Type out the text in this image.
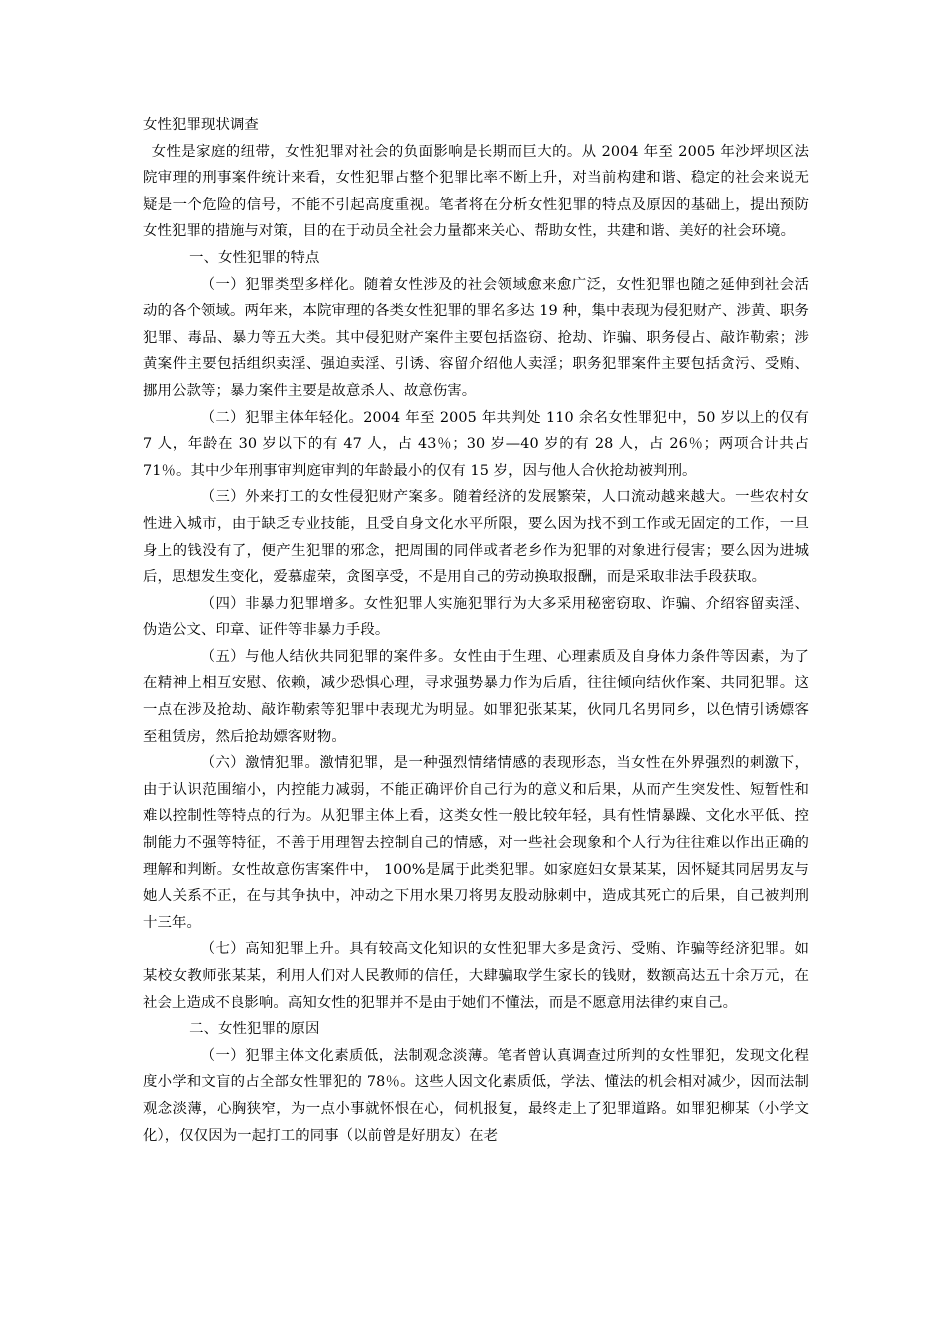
女性犯罪现状调查

女性是家庭的纽带，女性犯罪对社会的负面影响是长期而巨大的。从 2004 年至 2005 年沙坪坝区法院审理的刑事案件统计来看，女性犯罪占整个犯罪比率不断上升，对当前构建和谐、稳定的社会来说无疑是一个危险的信号，不能不引起高度重视。笔者将在分析女性犯罪的特点及原因的基础上，提出预防女性犯罪的措施与对策，目的在于动员全社会力量都来关心、帮助女性，共建和谐、美好的社会环境。

一、女性犯罪的特点

（一）犯罪类型多样化。随着女性涉及的社会领域愈来愈广泛，女性犯罪也随之延伸到社会活动的各个领域。两年来，本院审理的各类女性犯罪的罪名多达 19 种，集中表现为侵犯财产、涉黄、职务犯罪、毒品、暴力等五大类。其中侵犯财产案件主要包括盗窃、抢劫、诈骗、职务侵占、敲诈勒索；涉黄案件主要包括组织卖淫、强迫卖淫、引诱、容留介绍他人卖淫；职务犯罪案件主要包括贪污、受贿、挪用公款等；暴力案件主要是故意杀人、故意伤害。

（二）犯罪主体年轻化。2004 年至 2005 年共判处 110 余名女性罪犯中，50 岁以上的仅有 7 人，年龄在 30 岁以下的有 47 人，占 43％；30 岁—40 岁的有 28 人，占 26％；两项合计共占 71％。其中少年刑事审判庭审判的年龄最小的仅有 15 岁，因与他人合伙抢劫被判刑。

（三）外来打工的女性侵犯财产案多。随着经济的发展繁荣，人口流动越来越大。一些农村女性进入城市，由于缺乏专业技能，且受自身文化水平所限，要么因为找不到工作或无固定的工作，一旦身上的钱没有了，便产生犯罪的邪念，把周围的同伴或者老乡作为犯罪的对象进行侵害；要么因为进城后，思想发生变化，爱慕虚荣，贪图享受，不是用自己的劳动换取报酬，而是采取非法手段获取。

（四）非暴力犯罪增多。女性犯罪人实施犯罪行为大多采用秘密窃取、诈骗、介绍容留卖淫、伪造公文、印章、证件等非暴力手段。

（五）与他人结伙共同犯罪的案件多。女性由于生理、心理素质及自身体力条件等因素，为了在精神上相互安慰、依赖，减少恐惧心理，寻求强势暴力作为后盾，往往倾向结伙作案、共同犯罪。这一点在涉及抢劫、敲诈勒索等犯罪中表现尤为明显。如罪犯张某某，伙同几名男同乡，以色情引诱嫖客至租赁房，然后抢劫嫖客财物。

（六）激情犯罪。激情犯罪，是一种强烈情绪情感的表现形态，当女性在外界强烈的刺激下，由于认识范围缩小，内控能力减弱，不能正确评价自己行为的意义和后果，从而产生突发性、短暂性和难以控制性等特点的行为。从犯罪主体上看，这类女性一般比较年轻，具有性情暴躁、文化水平低、控制能力不强等特征，不善于用理智去控制自己的情感，对一些社会现象和个人行为往往难以作出正确的理解和判断。女性故意伤害案件中， 100%是属于此类犯罪。如家庭妇女景某某，因怀疑其同居男友与她人关系不正，在与其争执中，冲动之下用水果刀将男友股动脉刺中，造成其死亡的后果，自己被判刑十三年。

（七）高知犯罪上升。具有较高文化知识的女性犯罪大多是贪污、受贿、诈骗等经济犯罪。如某校女教师张某某，利用人们对人民教师的信任，大肆骗取学生家长的钱财，数额高达五十余万元，在社会上造成不良影响。高知女性的犯罪并不是由于她们不懂法，而是不愿意用法律约束自己。

二、女性犯罪的原因

（一）犯罪主体文化素质低，法制观念淡薄。笔者曾认真调查过所判的女性罪犯，发现文化程度小学和文盲的占全部女性罪犯的 78％。这些人因文化素质低，学法、懂法的机会相对减少，因而法制观念淡薄，心胸狭窄，为一点小事就怀恨在心，伺机报复，最终走上了犯罪道路。如罪犯柳某（小学文化），仅仅因为一起打工的同事（以前曾是好朋友）在老
